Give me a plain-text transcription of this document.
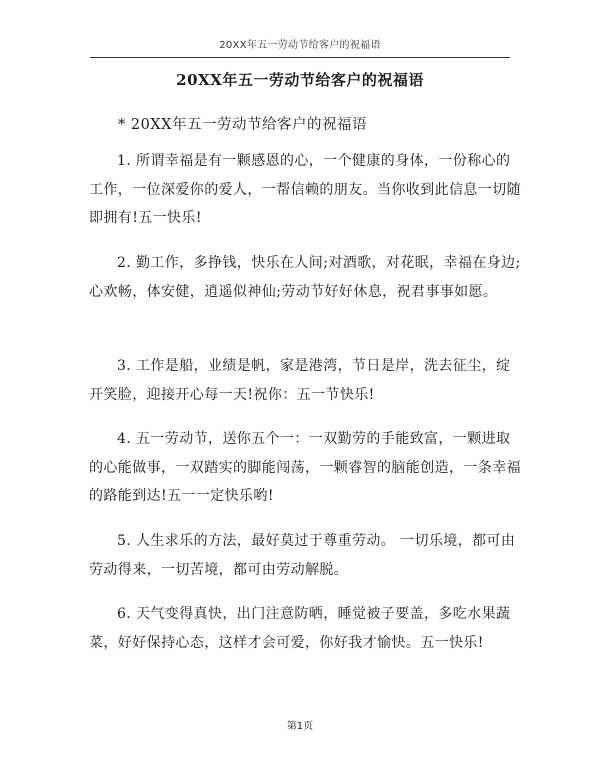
20XX年五一劳动节给客户的祝福语
20XX年五一劳动节给客户的祝福语
* 20XX年五一劳动节给客户的祝福语
1. 所谓幸福是有一颗感恩的心，一个健康的身体，一份称心的工作，一位深爱你的爱人，一帮信赖的朋友。当你收到此信息一切随即拥有!五一快乐!
2. 勤工作，多挣钱，快乐在人间;对酒歌，对花眠，幸福在身边;心欢畅，体安健，逍遥似神仙;劳动节好好休息，祝君事事如愿。
3. 工作是船，业绩是帆，家是港湾，节日是岸，洗去征尘，绽开笑脸，迎接开心每一天!祝你：五一节快乐!
4. 五一劳动节，送你五个一：一双勤劳的手能致富，一颗进取的心能做事，一双踏实的脚能闯荡，一颗睿智的脑能创造，一条幸福的路能到达!五一一定快乐哟!
5. 人生求乐的方法，最好莫过于尊重劳动。 一切乐境，都可由劳动得来，一切苦境，都可由劳动解脱。
6. 天气变得真快，出门注意防晒，睡觉被子要盖，多吃水果蔬菜，好好保持心态，这样才会可爱，你好我才愉快。五一快乐!
第1页
